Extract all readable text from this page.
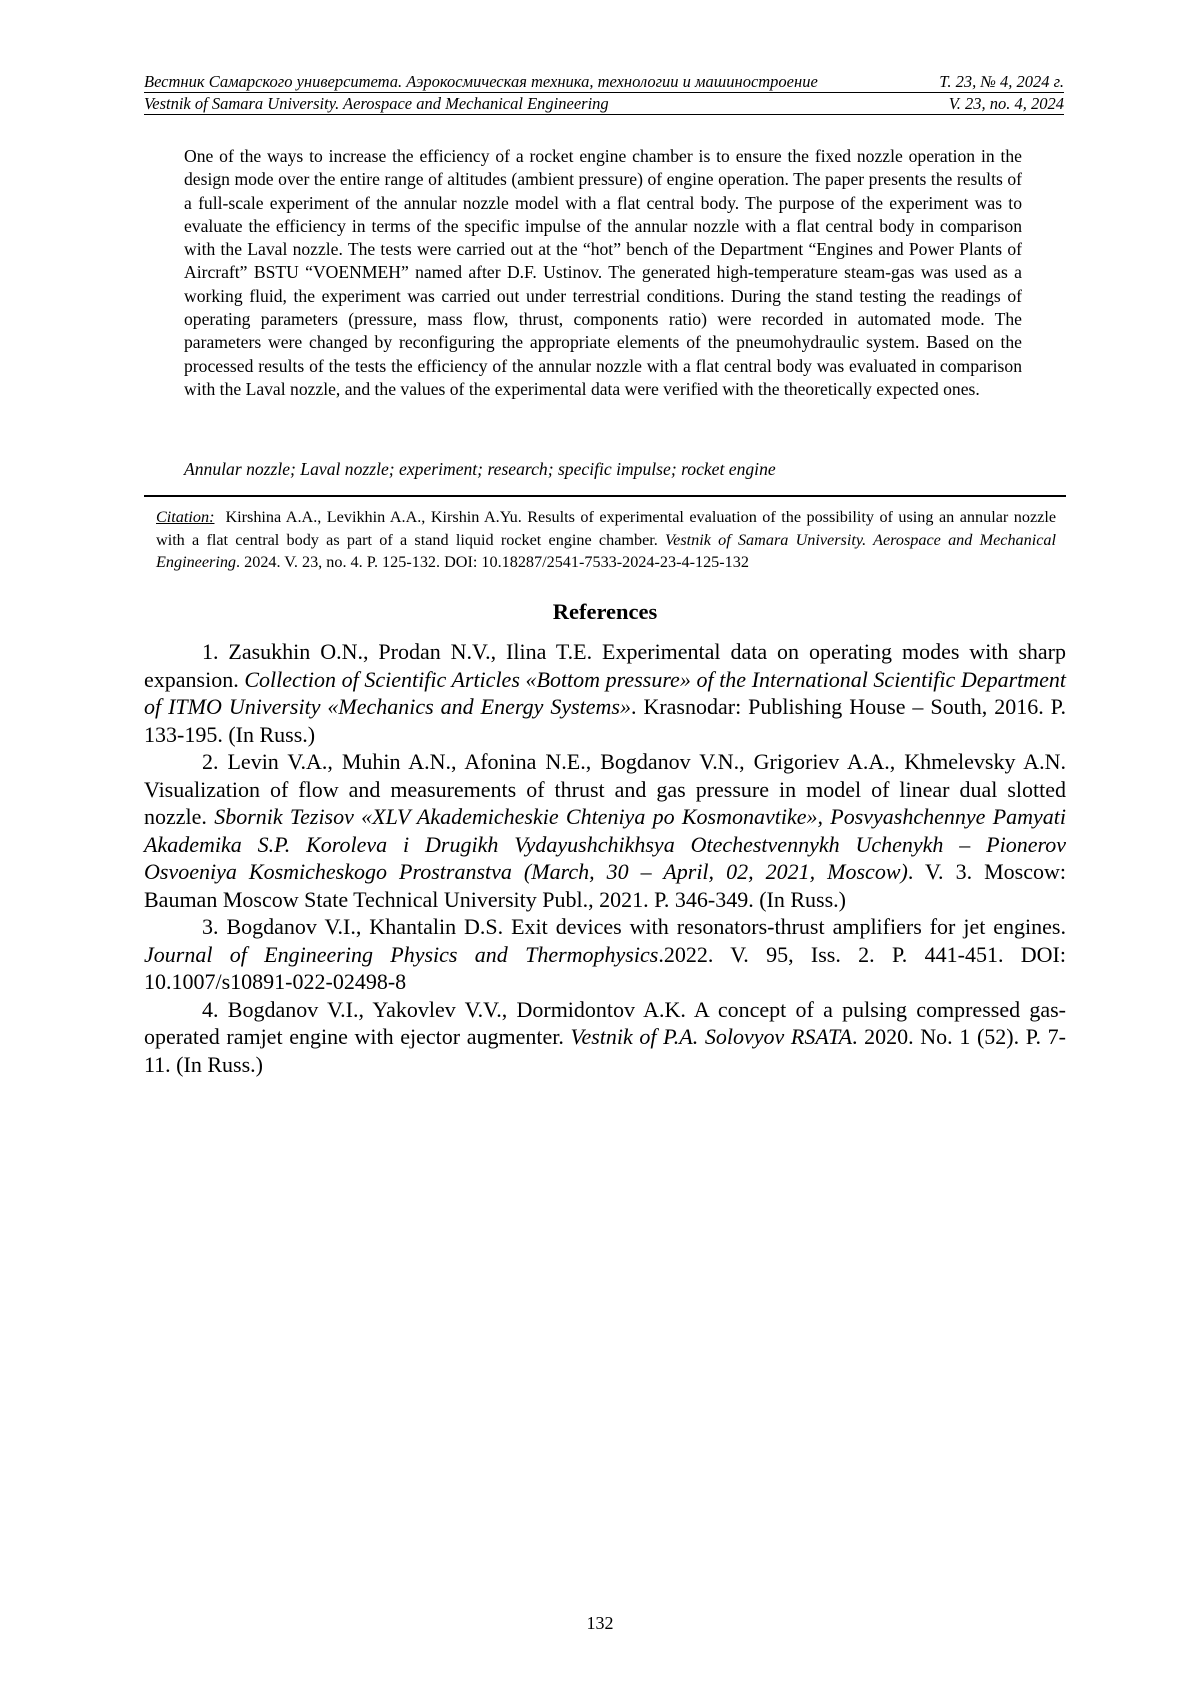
Вестник Самарского университета. Аэрокосмическая техника, технологии и машиностроение	Т. 23, № 4, 2024 г.
Vestnik of Samara University. Aerospace and Mechanical Engineering	V. 23, no. 4, 2024

One of the ways to increase the efficiency of a rocket engine chamber is to ensure the fixed nozzle operation in the design mode over the entire range of altitudes (ambient pressure) of engine operation. The paper presents the results of a full-scale experiment of the annular nozzle model with a flat central body. The purpose of the experiment was to evaluate the efficiency in terms of the specific impulse of the annular nozzle with a flat central body in comparison with the Laval nozzle. The tests were carried out at the “hot” bench of the Department “Engines and Power Plants of Aircraft” BSTU “VOENMEH” named after D.F. Ustinov. The generated high-temperature steam-gas was used as a working fluid, the experiment was carried out under terrestrial conditions. During the stand testing the readings of operating parameters (pressure, mass flow, thrust, components ratio) were recorded in automated mode. The parameters were changed by reconfiguring the appropriate elements of the pneumohydraulic system. Based on the processed results of the tests the efficiency of the annular nozzle with a flat central body was evaluated in comparison with the Laval nozzle, and the values of the experimental data were verified with the theoretically expected ones.

Annular nozzle; Laval nozzle; experiment; research; specific impulse; rocket engine

Citation: Kirshina A.A., Levikhin A.A., Kirshin A.Yu. Results of experimental evaluation of the possibility of using an annular nozzle with a flat central body as part of a stand liquid rocket engine chamber. Vestnik of Samara University. Aerospace and Mechanical Engineering. 2024. V. 23, no. 4. P. 125-132. DOI: 10.18287/2541-7533-2024-23-4-125-132

References
1. Zasukhin O.N., Prodan N.V., Ilina T.E. Experimental data on operating modes with sharp expansion. Collection of Scientific Articles «Bottom pressure» of the International Scientific Department of ITMO University «Mechanics and Energy Systems». Krasnodar: Publishing House – South, 2016. P. 133-195. (In Russ.)
2. Levin V.A., Muhin A.N., Afonina N.E., Bogdanov V.N., Grigoriev A.A., Khmelevsky A.N. Visualization of flow and measurements of thrust and gas pressure in model of linear dual slotted nozzle. Sbornik Tezisov «XLV Akademicheskie Chteniya po Kosmonavtike», Posvyashchennye Pamyati Akademika S.P. Koroleva i Drugikh Vydayushchikhsya Otechestvennykh Uchenykh – Pionerov Osvoeniya Kosmicheskogo Prostranstva (March, 30 – April, 02, 2021, Moscow). V. 3. Moscow: Bauman Moscow State Technical University Publ., 2021. P. 346-349. (In Russ.)
3. Bogdanov V.I., Khantalin D.S. Exit devices with resonators-thrust amplifiers for jet engines. Journal of Engineering Physics and Thermophysics.2022. V. 95, Iss. 2. P. 441-451. DOI: 10.1007/s10891-022-02498-8
4. Bogdanov V.I., Yakovlev V.V., Dormidontov A.K. A concept of a pulsing compressed gas-operated ramjet engine with ejector augmenter. Vestnik of P.A. Solovyov RSATA. 2020. No. 1 (52). P. 7-11. (In Russ.)
132
